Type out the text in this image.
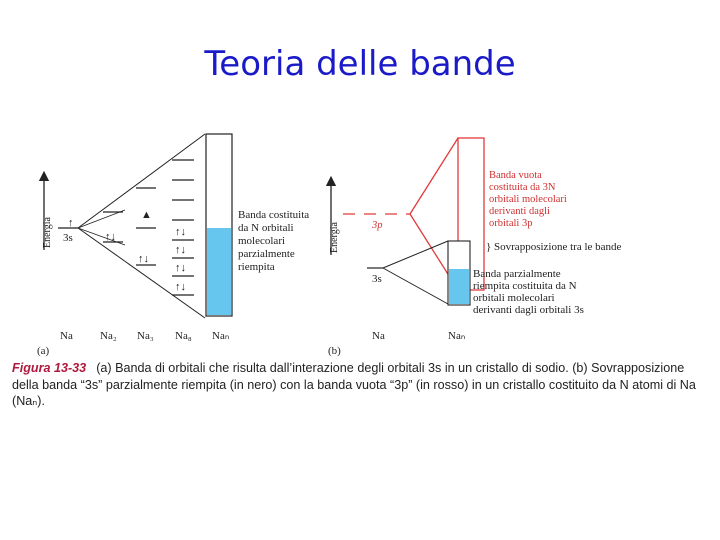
Teoria delle bande
Energia 3s
↑
↑↓
▲
↑↓
↑↓
↑↓
↑↓
↑↓
Banda costituita da N orbitali molecolari parzialmente riempita
Na Na₂ Na₃ Na₈ Naₙ
(a)
Energia	3p
3s
Banda vuota costituita da 3N orbitali molecolari derivanti dagli orbitali 3p
} Sovrapposizione tra le bande
Banda parzialmente riempita costituita da N orbitali molecolari derivanti dagli orbitali 3s
Na	Naₙ
(b)
Figura 13-33 (a) Banda di orbitali che risulta dall’interazione degli orbitali 3s in un cristallo di sodio. (b) Sovrapposizione della banda “3s” parzialmente riempita (in nero) con la banda vuota “3p” (in rosso) in un cristallo costituito da N atomi di Na (Naₙ).
